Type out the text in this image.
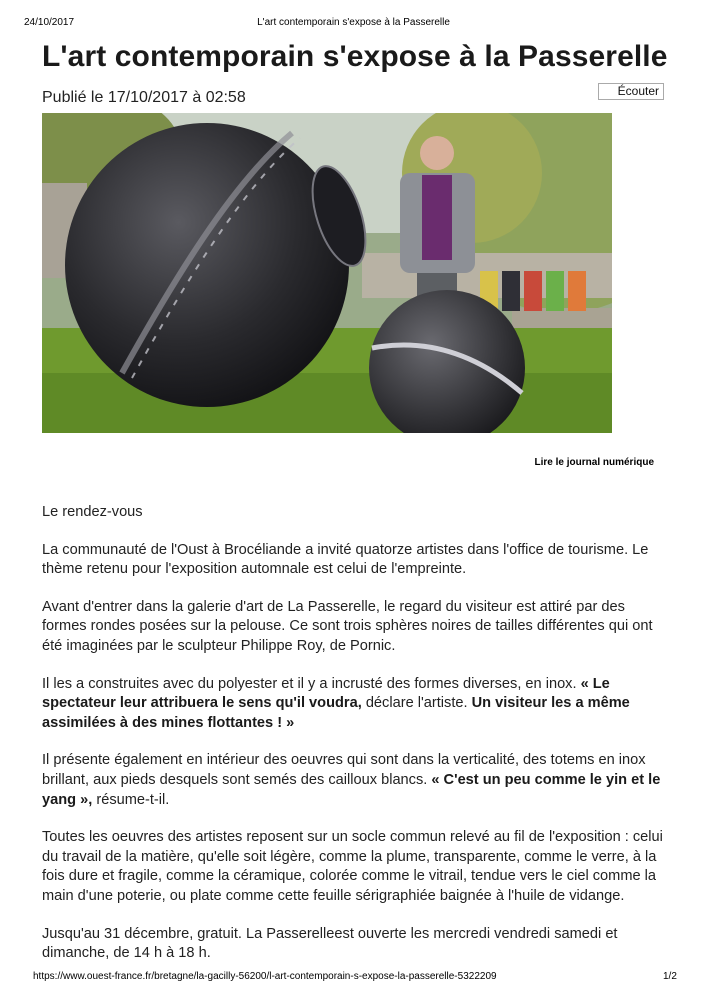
24/10/2017	L'art contemporain s'expose à la Passerelle
L'art contemporain s'expose à la Passerelle
Publié le 17/10/2017 à 02:58	Écouter
Lire le journal numérique

Le rendez-vous

La communauté de l'Oust à Brocéliande a invité quatorze artistes dans l'office de tourisme. Le thème retenu pour l'exposition automnale est celui de l'empreinte.

Avant d'entrer dans la galerie d'art de La Passerelle, le regard du visiteur est attiré par des formes rondes posées sur la pelouse. Ce sont trois sphères noires de tailles différentes qui ont été imaginées par le sculpteur Philippe Roy, de Pornic.

Il les a construites avec du polyester et il y a incrusté des formes diverses, en inox. « Le spectateur leur attribuera le sens qu'il voudra, déclare l'artiste. Un visiteur les a même assimilées à des mines flottantes ! »

Il présente également en intérieur des oeuvres qui sont dans la verticalité, des totems en inox brillant, aux pieds desquels sont semés des cailloux blancs. « C'est un peu comme le yin et le yang », résume-t-il.

Toutes les oeuvres des artistes reposent sur un socle commun relevé au fil de l'exposition : celui du travail de la matière, qu'elle soit légère, comme la plume, transparente, comme le verre, à la fois dure et fragile, comme la céramique, colorée comme le vitrail, tendue vers le ciel comme la main d'une poterie, ou plate comme cette feuille sérigraphiée baignée à l'huile de vidange.

Jusqu'au 31 décembre, gratuit. La Passerelleest ouverte les mercredi vendredi samedi et dimanche, de 14 h à 18 h.

https://www.ouest-france.fr/bretagne/la-gacilly-56200/l-art-contemporain-s-expose-la-passerelle-5322209	1/2
